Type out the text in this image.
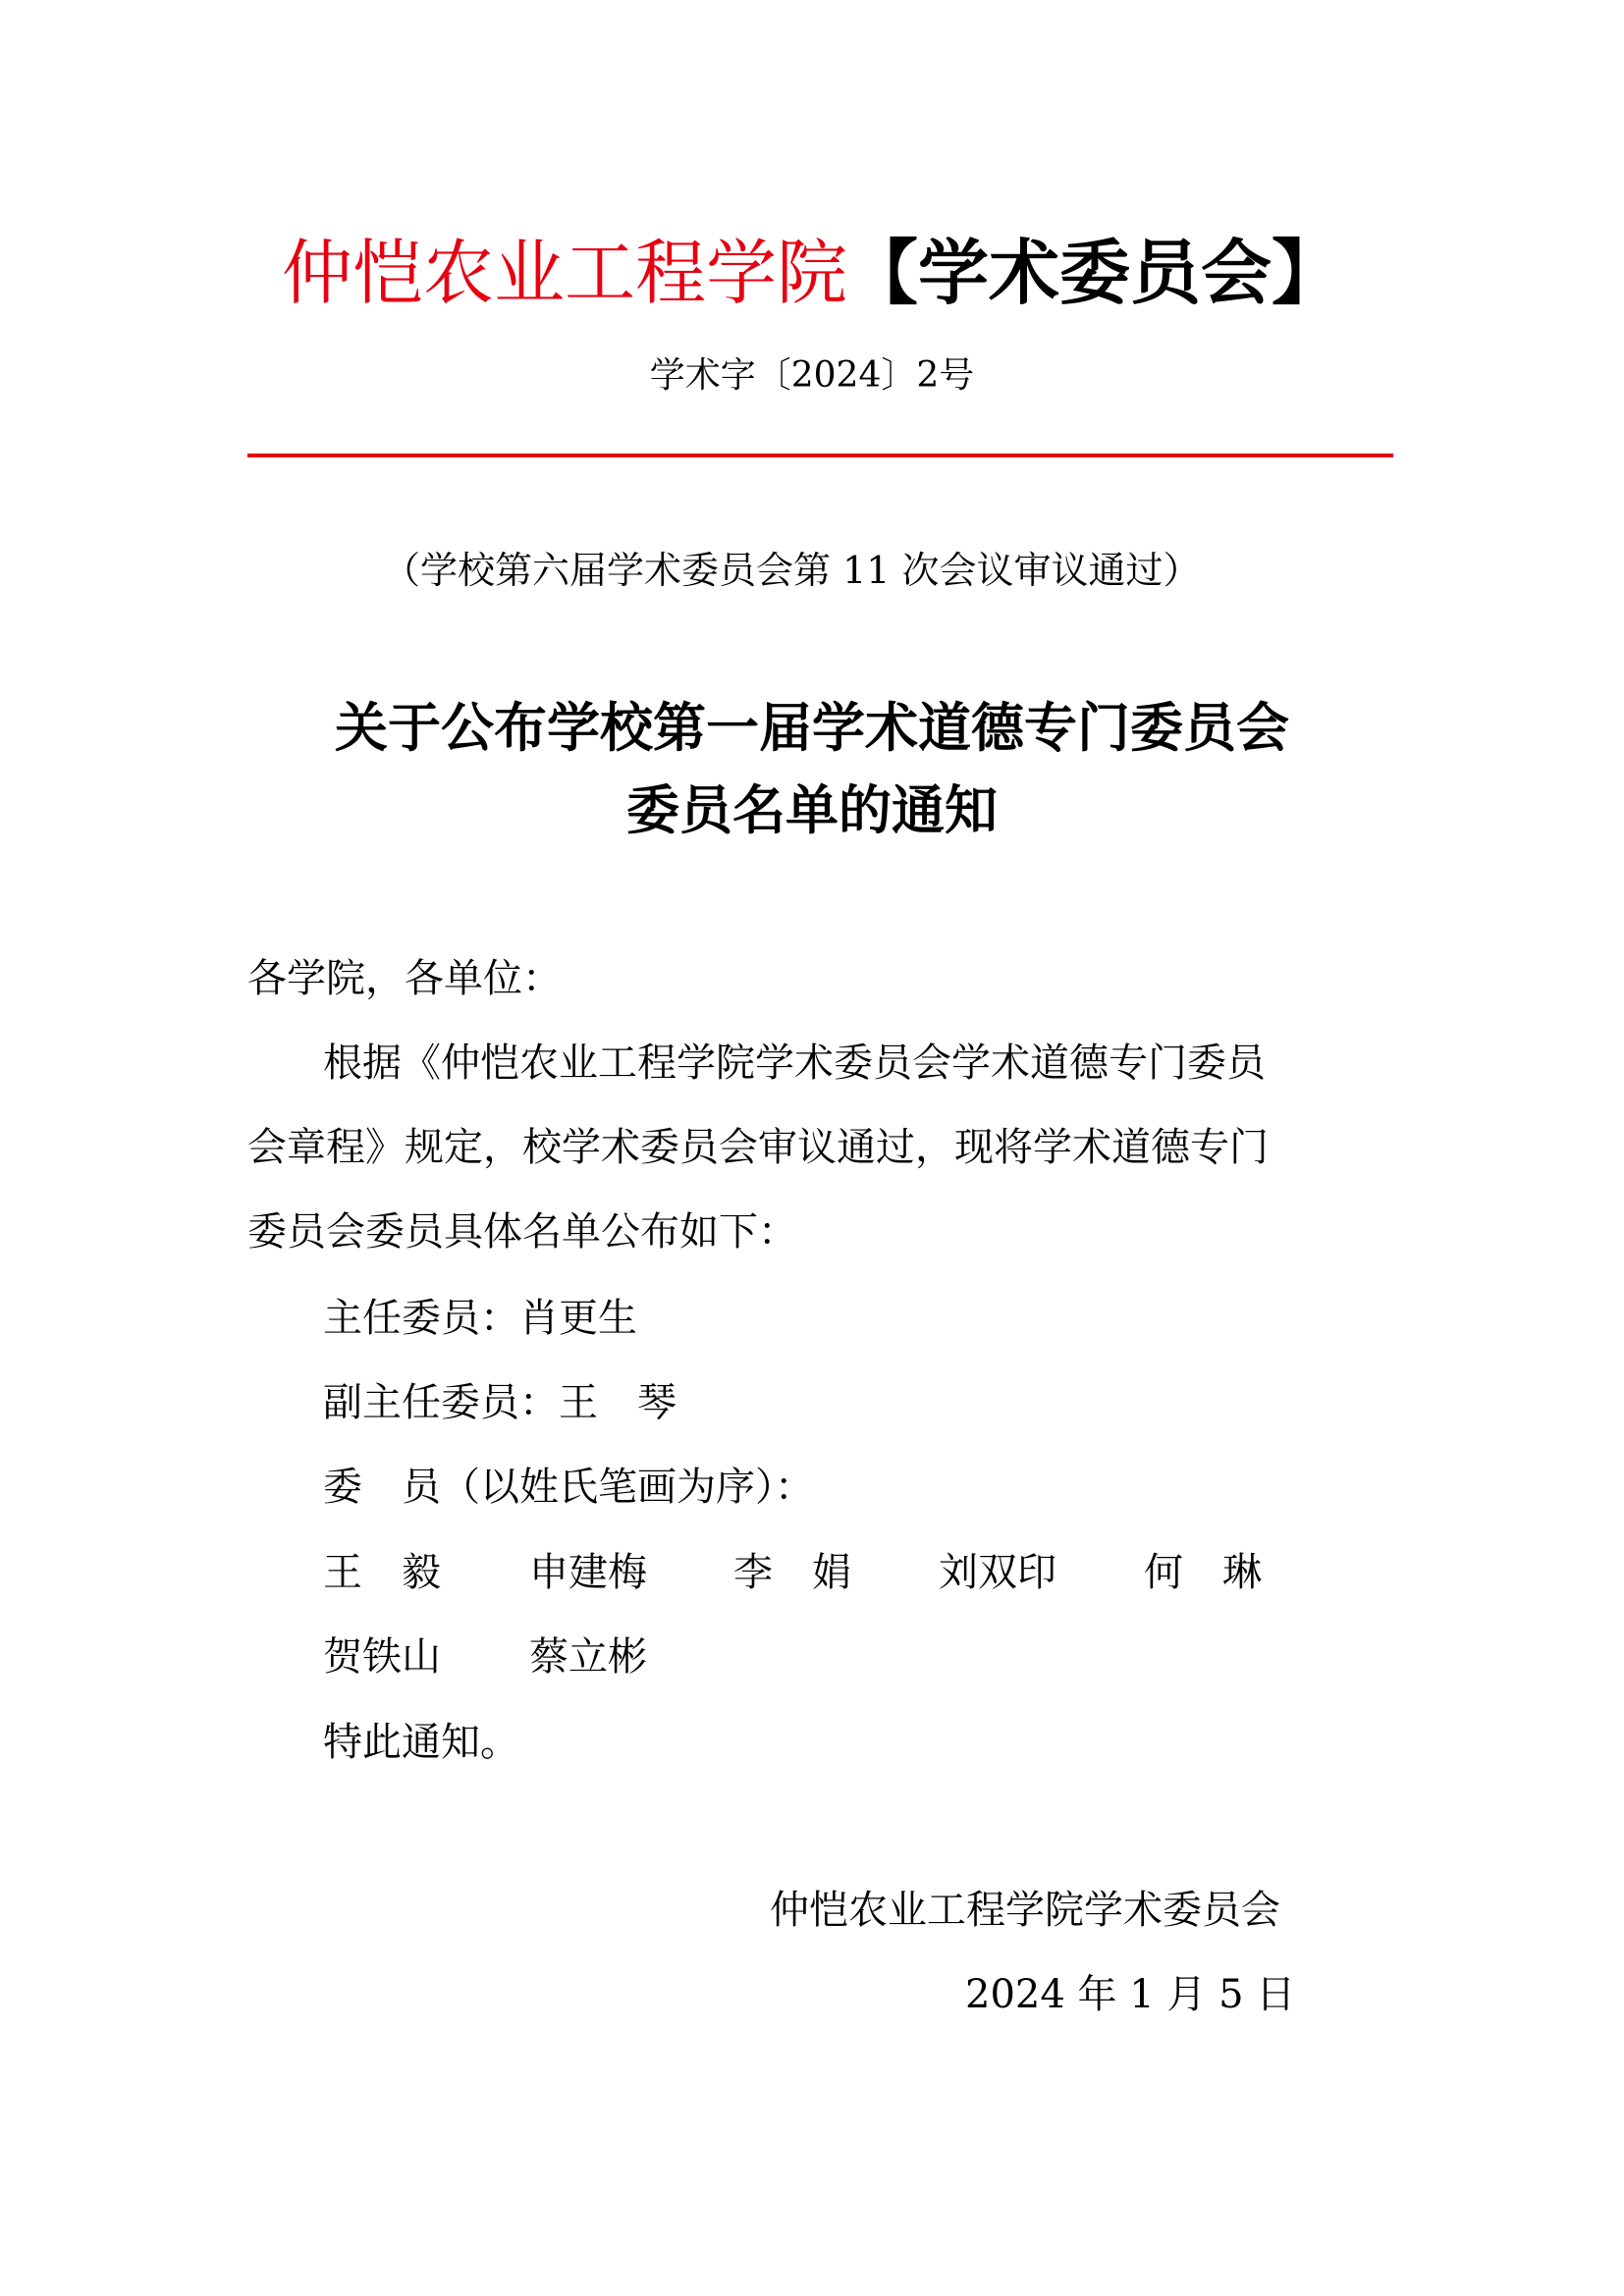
仲恺农业工程学院【学术委员会】
学术字〔2024〕2号
（学校第六届学术委员会第 11 次会议审议通过）
关于公布学校第一届学术道德专门委员会
委员名单的通知
各学院，各单位：
根据《仲恺农业工程学院学术委员会学术道德专门委员
会章程》规定，校学术委员会审议通过，现将学术道德专门
委员会委员具体名单公布如下：
主任委员：肖更生
副主任委员：王　琴
委　员（以姓氏笔画为序）：
王　毅 申建梅 李　娟 刘双印 何　琳
贺铁山 蔡立彬
特此通知。
仲恺农业工程学院学术委员会
2024 年 1 月 5 日
